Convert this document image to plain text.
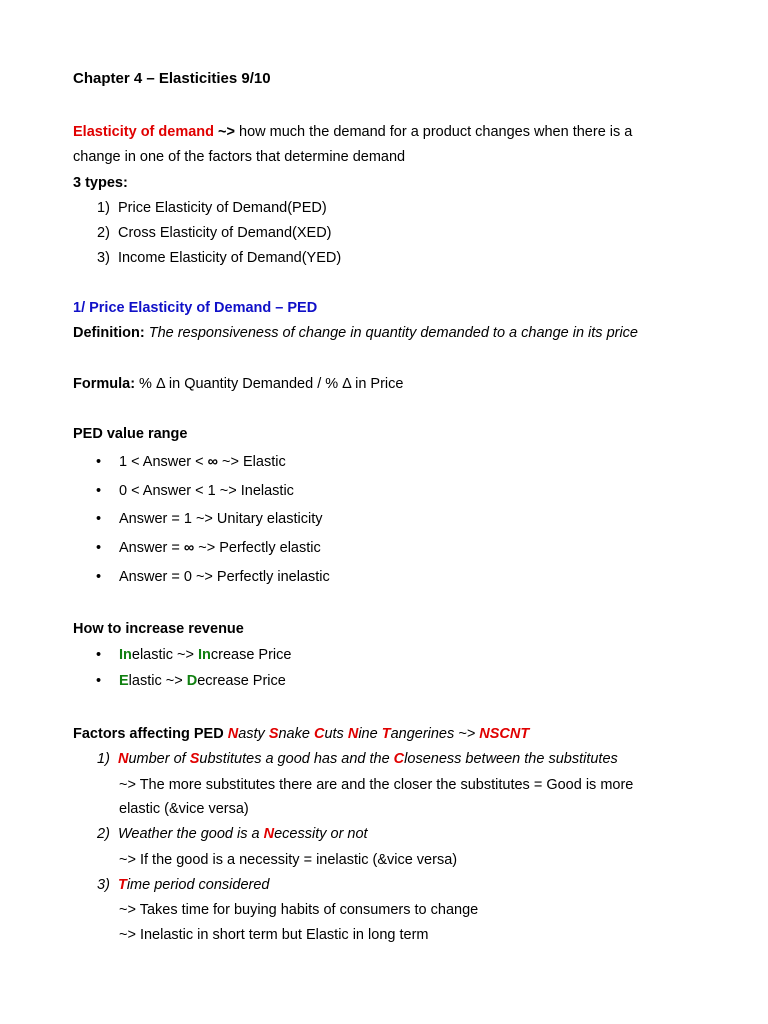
Chapter 4 – Elasticities 9/10
Elasticity of demand ~> how much the demand for a product changes when there is a
change in one of the factors that determine demand
3 types:
1) Price Elasticity of Demand(PED)
2) Cross Elasticity of Demand(XED)
3) Income Elasticity of Demand(YED)
1/ Price Elasticity of Demand – PED
Definition: The responsiveness of change in quantity demanded to a change in its price
Formula: % Δ in Quantity Demanded / % Δ in Price
PED value range
• 1 < Answer < ∞ ~> Elastic
• 0 < Answer < 1 ~> Inelastic
• Answer = 1 ~> Unitary elasticity
• Answer = ∞ ~> Perfectly elastic
• Answer = 0 ~> Perfectly inelastic
How to increase revenue
• Inelastic ~> Increase Price
• Elastic ~> Decrease Price
Factors affecting PED Nasty Snake Cuts Nine Tangerines ~> NSCNT
1) Number of Substitutes a good has and the Closeness between the substitutes
~> The more substitutes there are and the closer the substitutes = Good is more
elastic (&vice versa)
2) Weather the good is a Necessity or not
~> If the good is a necessity = inelastic (&vice versa)
3) Time period considered
~> Takes time for buying habits of consumers to change
~> Inelastic in short term but Elastic in long term
